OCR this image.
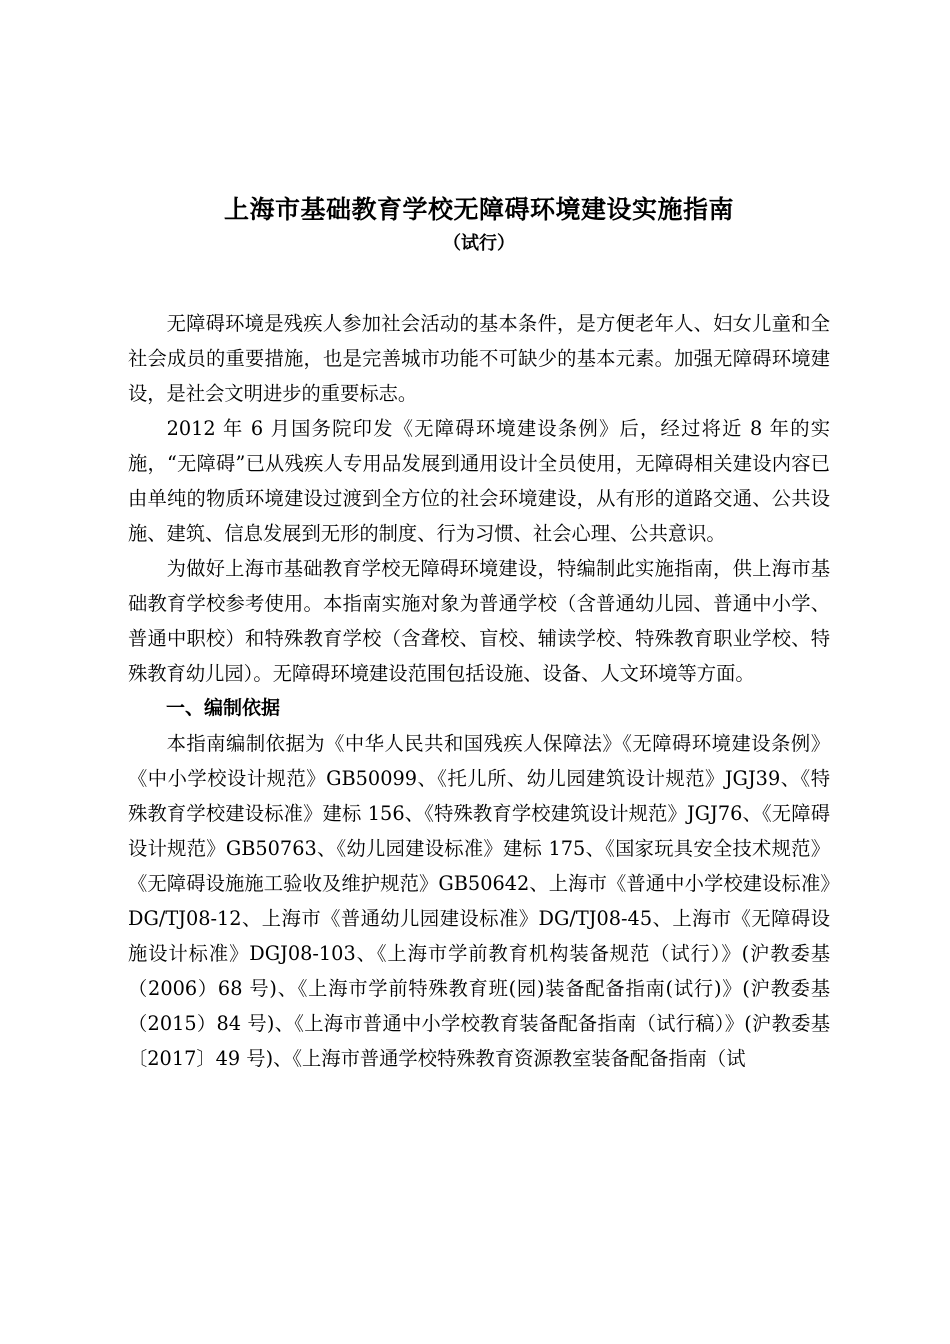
上海市基础教育学校无障碍环境建设实施指南
（试行）

无障碍环境是残疾人参加社会活动的基本条件，是方便老年人、妇女儿童和全社会成员的重要措施，也是完善城市功能不可缺少的基本元素。加强无障碍环境建设，是社会文明进步的重要标志。

2012 年 6 月国务院印发《无障碍环境建设条例》后，经过将近 8 年的实施，“无障碍”已从残疾人专用品发展到通用设计全员使用，无障碍相关建设内容已由单纯的物质环境建设过渡到全方位的社会环境建设，从有形的道路交通、公共设施、建筑、信息发展到无形的制度、行为习惯、社会心理、公共意识。

为做好上海市基础教育学校无障碍环境建设，特编制此实施指南，供上海市基础教育学校参考使用。本指南实施对象为普通学校（含普通幼儿园、普通中小学、普通中职校）和特殊教育学校（含聋校、盲校、辅读学校、特殊教育职业学校、特殊教育幼儿园）。无障碍环境建设范围包括设施、设备、人文环境等方面。

一、编制依据

本指南编制依据为《中华人民共和国残疾人保障法》《无障碍环境建设条例》《中小学校设计规范》GB50099、《托儿所、幼儿园建筑设计规范》JGJ39、《特殊教育学校建设标准》建标 156、《特殊教育学校建筑设计规范》JGJ76、《无障碍设计规范》GB50763、《幼儿园建设标准》建标 175、《国家玩具安全技术规范》《无障碍设施施工验收及维护规范》GB50642、上海市《普通中小学校建设标准》DG/TJ08-12、上海市《普通幼儿园建设标准》DG/TJ08-45、上海市《无障碍设施设计标准》DGJ08-103、《上海市学前教育机构装备规范（试行）》(沪教委基（2006）68 号)、《上海市学前特殊教育班(园)装备配备指南(试行)》(沪教委基（2015）84 号)、《上海市普通中小学校教育装备配备指南（试行稿）》(沪教委基〔2017〕49 号)、《上海市普通学校特殊教育资源教室装备配备指南（试
